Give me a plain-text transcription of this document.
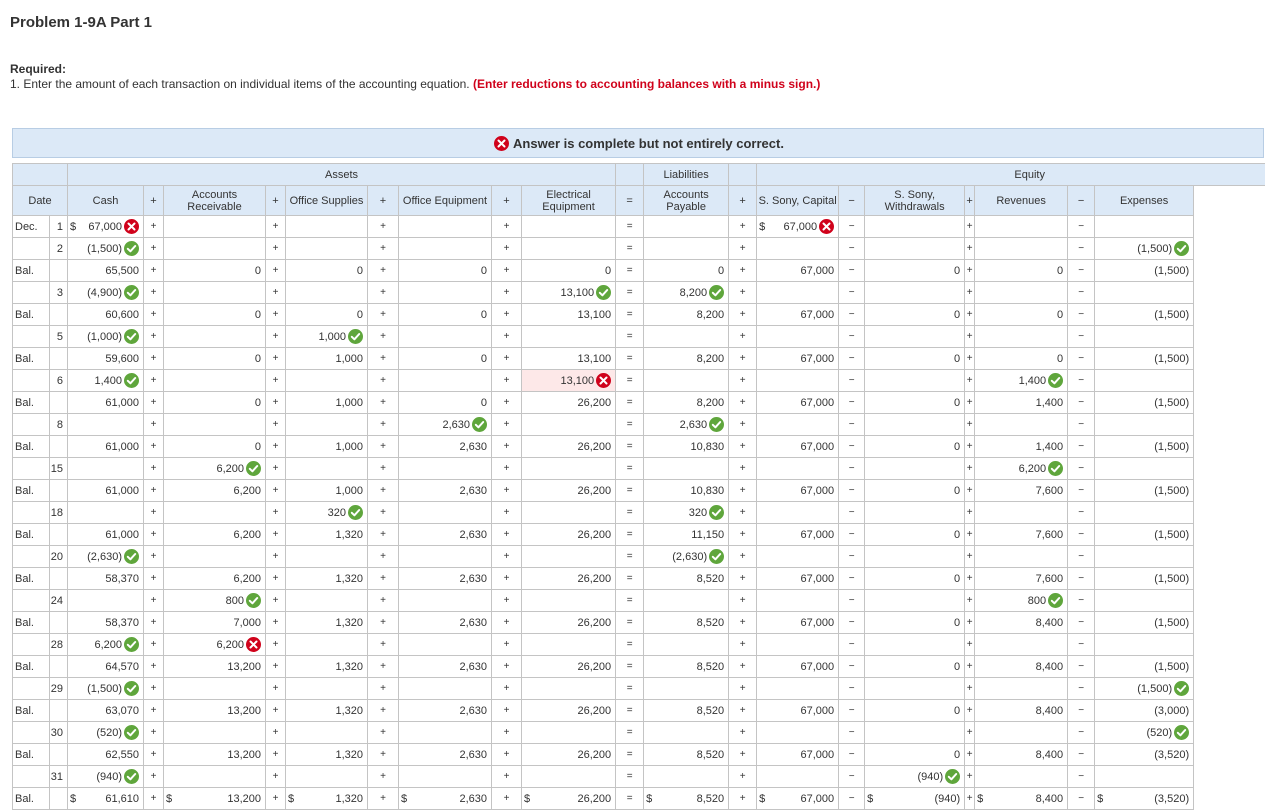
Problem 1-9A Part 1
Required:
1. Enter the amount of each transaction on individual items of the accounting equation. (Enter reductions to accounting balances with a minus sign.)
Answer is complete but not entirely correct.
		Assets										Liabilities		Equity						
Date		Cash	+	Accounts Receivable	+	Office Supplies	+	Office Equipment	+	Electrical Equipment	=	Accounts Payable	+	S. Sony, Capital	−	S. Sony, Withdrawals	+	Revenues	−	Expenses
Dec.	1	$ 67,000	+		+		+		+		=		+	$ 67,000	−		+		−	
	2	(1,500)	+		+		+		+		=		+		−		+		−	(1,500)

Bal.		65,500	+	0	+	0	+	0	+	0	=	0	+	67,000	−	0	+	0	−	(1,500)

	3	(4,900)	+		+		+		+	13,100	=	8,200	+		−		+		−	
Bal.		60,600	+	0	+	0	+	0	+	13,100	=	8,200	+	67,000	−	0	+	0	−	(1,500)

	5	(1,000)	+		+	1,000	+		+		=		+		−		+		−	
Bal.		59,600	+	0	+	1,000	+	0	+	13,100	=	8,200	+	67,000	−	0	+	0	−	(1,500)

	6	1,400	+		+		+		+	13,100	=		+		−		+	1,400	−	
Bal.		61,000	+	0	+	1,000	+	0	+	26,200	=	8,200	+	67,000	−	0	+	1,400	−	(1,500)

	8		+		+		+	2,630	+		=	2,630	+		−		+		−	
Bal.		61,000	+	0	+	1,000	+	2,630	+	26,200	=	10,830	+	67,000	−	0	+	1,400	−	(1,500)

	15		+	6,200	+		+		+		=		+		−		+	6,200	−	
Bal.		61,000	+	6,200	+	1,000	+	2,630	+	26,200	=	10,830	+	67,000	−	0	+	7,600	−	(1,500)

	18		+		+	320	+		+		=	320	+		−		+		−	
Bal.		61,000	+	6,200	+	1,320	+	2,630	+	26,200	=	11,150	+	67,000	−	0	+	7,600	−	(1,500)

	20	(2,630)	+		+		+		+		=	(2,630)	+		−		+		−	
Bal.		58,370	+	6,200	+	1,320	+	2,630	+	26,200	=	8,520	+	67,000	−	0	+	7,600	−	(1,500)

	24		+	800	+		+		+		=		+		−		+	800	−	
Bal.		58,370	+	7,000	+	1,320	+	2,630	+	26,200	=	8,520	+	67,000	−	0	+	8,400	−	(1,500)

	28	6,200	+	6,200	+		+		+		=		+		−		+		−	
Bal.		64,570	+	13,200	+	1,320	+	2,630	+	26,200	=	8,520	+	67,000	−	0	+	8,400	−	(1,500)

	29	(1,500)	+		+		+		+		=		+		−		+		−	(1,500)

Bal.		63,070	+	13,200	+	1,320	+	2,630	+	26,200	=	8,520	+	67,000	−	0	+	8,400	−	(3,000)

	30	(520)	+		+		+		+		=		+		−		+		−	(520)

Bal.		62,550	+	13,200	+	1,320	+	2,630	+	26,200	=	8,520	+	67,000	−	0	+	8,400	−	(3,520)

	31	(940)	+		+		+		+		=		+		−	(940)	+		−	
Bal.		$ 61,610	+	$ 13,200	+	$ 1,320	+	$ 2,630	+	$ 26,200	=	$ 8,520	+	$ 67,000	−	$ (940)	+	$ 8,400	−	$ (3,520)
